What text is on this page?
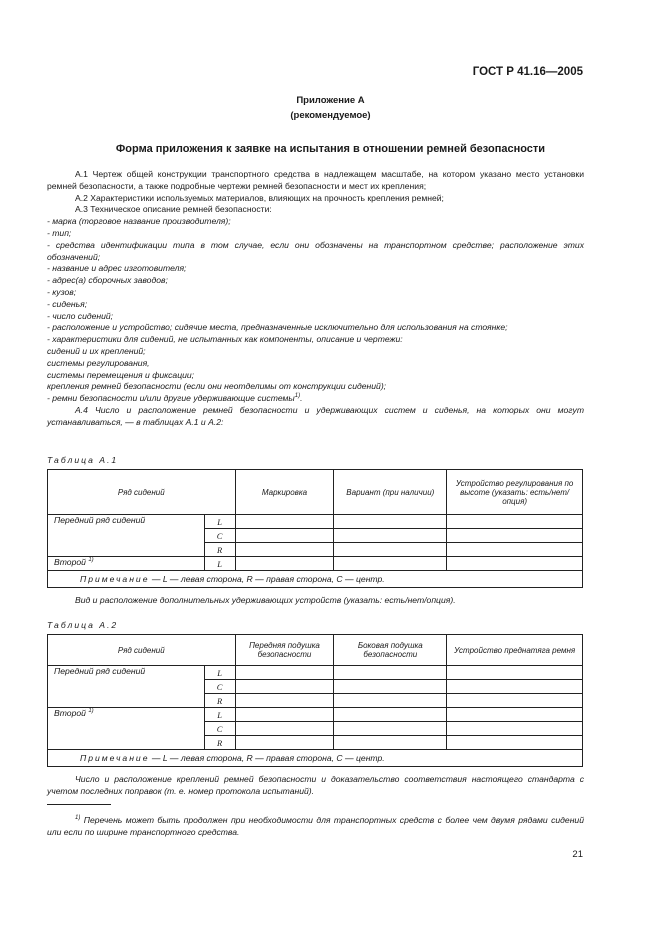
ГОСТ Р 41.16—2005
Приложение А
(рекомендуемое)
Форма приложения к заявке на испытания в отношении ремней безопасности

А.1 Чертеж общей конструкции транспортного средства в надлежащем масштабе, на котором указано место установки ремней безопасности, а также подробные чертежи ремней безопасности и мест их крепления;

А.2 Характеристики используемых материалов, влияющих на прочность крепления ремней;

А.3 Техническое описание ремней безопасности:

- марка (торговое название производителя);

- тип;

- средства идентификации типа в том случае, если они обозначены на транспортном средстве; расположение этих обозначений;

- название и адрес изготовителя;

- адрес(а) сборочных заводов;

- кузов;

- сиденья;

- число сидений;

- расположение и устройство; сидячие места, предназначенные исключительно для использования на стоянке;

- характеристики для сидений, не испытанных как компоненты, описание и чертежи:

сидений и их креплений;

системы регулирования,

системы перемещения и фиксации;

крепления ремней безопасности (если они неотделимы от конструкции сидений);

- ремни безопасности и/или другие удерживающие системы$^{1)}$.

А.4 Число и расположение ремней безопасности и удерживающих систем и сиденья, на которых они могут устанавливаться, — в таблицах А.1 и А.2:

Таблица А.1
Ряд сидений		Маркировка	Вариант (при наличии)	Устройство регулирования по высоте (указать: есть/нет/опция)
Передний ряд сидений	L			
	C			
	R			
Второй $^{1)}$	L			
Примечание — L — левая сторона, R — правая сторона, С — центр.				
Вид и расположение дополнительных удерживающих устройств (указать: есть/нет/опция).
Таблица А.2
Ряд сидений		Передняя подушка безопасности	Боковая подушка безопасности	Устройство преднатяга ремня
Передний ряд сидений	L			
	C			
	R			
Второй $^{1)}$	L			
	C			
	R			
Примечание — L — левая сторона, R — правая сторона, С — центр.				

Число и расположение креплений ремней безопасности и доказательство соответствия настоящего стандарта с учетом последних поправок (т. е. номер протокола испытаний).

$^{1)}$ Перечень может быть продолжен при необходимости для транспортных средств с более чем двумя рядами сидений или если по ширине транспортного средства.

21
